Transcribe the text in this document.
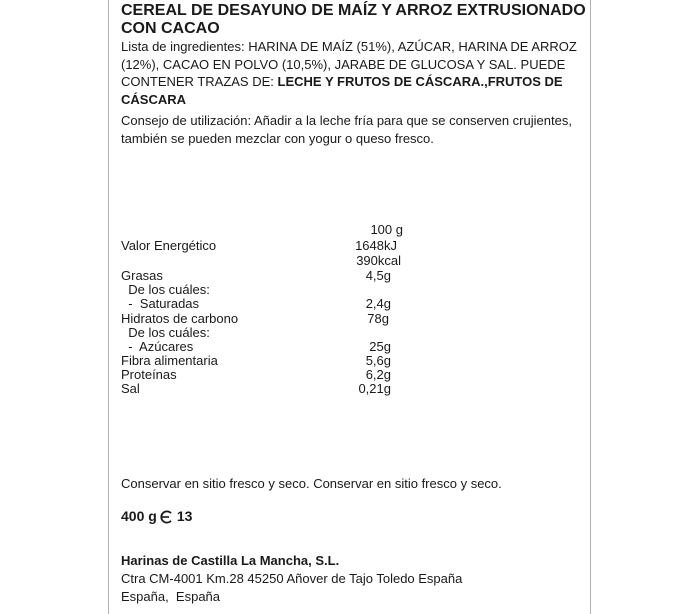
CEREAL DE DESAYUNO DE MAÍZ Y ARROZ EXTRUSIONADO
CON CACAO
Lista de ingredientes: HARINA DE MAÍZ (51%), AZÚCAR, HARINA DE ARROZ (12%), CACAO EN POLVO (10,5%), JARABE DE GLUCOSA Y SAL. PUEDE CONTENER TRAZAS DE: LECHE Y FRUTOS DE CÁSCARA.,FRUTOS DE CÁSCARA
Consejo de utilización: Añadir a la leche fría para que se conserven crujientes,
también se pueden mezclar con yogur o queso fresco.
100 g
Valor Energético	1648kJ
390kcal
Grasas	4,5g
De los cuáles:
-  Saturadas	2,4g
Hidratos de carbono	78g
De los cuáles:
-  Azúcares	25g
Fibra alimentaria	5,6g
Proteínas	6,2g
Sal	0,21g
Conservar en sitio fresco y seco. Conservar en sitio fresco y seco.
400 g 13
Harinas de Castilla La Mancha, S.L.
Ctra CM-4001 Km.28 45250 Añover de Tajo Toledo España
España,  España
